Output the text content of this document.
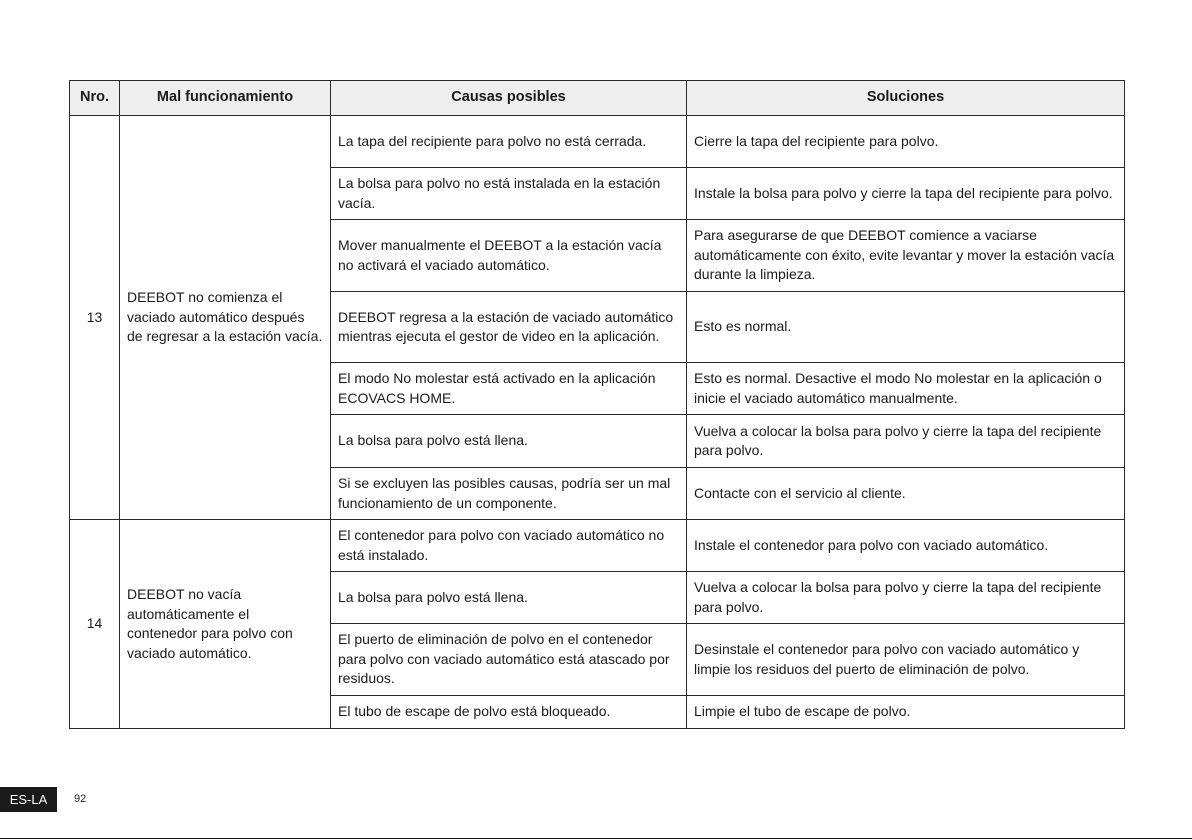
Nro.	Mal funcionamiento	Causas posibles	Soluciones
13	DEEBOT no comienza el vaciado automático después de regresar a la estación vacía.	La tapa del recipiente para polvo no está cerrada.	Cierre la tapa del recipiente para polvo.
		La bolsa para polvo no está instalada en la estación vacía.	Instale la bolsa para polvo y cierre la tapa del recipiente para polvo.
		Mover manualmente el DEEBOT a la estación vacía no activará el vaciado automático.	Para asegurarse de que DEEBOT comience a vaciarse automáticamente con éxito, evite levantar y mover la estación vacía durante la limpieza.
		DEEBOT regresa a la estación de vaciado automático mientras ejecuta el gestor de video en la aplicación.	Esto es normal.
		El modo No molestar está activado en la aplicación ECOVACS HOME.	Esto es normal. Desactive el modo No molestar en la aplicación o inicie el vaciado automático manualmente.
		La bolsa para polvo está llena.	Vuelva a colocar la bolsa para polvo y cierre la tapa del recipiente para polvo.
		Si se excluyen las posibles causas, podría ser un mal funcionamiento de un componente.	Contacte con el servicio al cliente.
14	DEEBOT no vacía automáticamente el contenedor para polvo con vaciado automático.	El contenedor para polvo con vaciado automático no está instalado.	Instale el contenedor para polvo con vaciado automático.
		La bolsa para polvo está llena.	Vuelva a colocar la bolsa para polvo y cierre la tapa del recipiente para polvo.
		El puerto de eliminación de polvo en el contenedor para polvo con vaciado automático está atascado por residuos.	Desinstale el contenedor para polvo con vaciado automático y limpie los residuos del puerto de eliminación de polvo.
		El tubo de escape de polvo está bloqueado.	Limpie el tubo de escape de polvo.
ES-LA	92
